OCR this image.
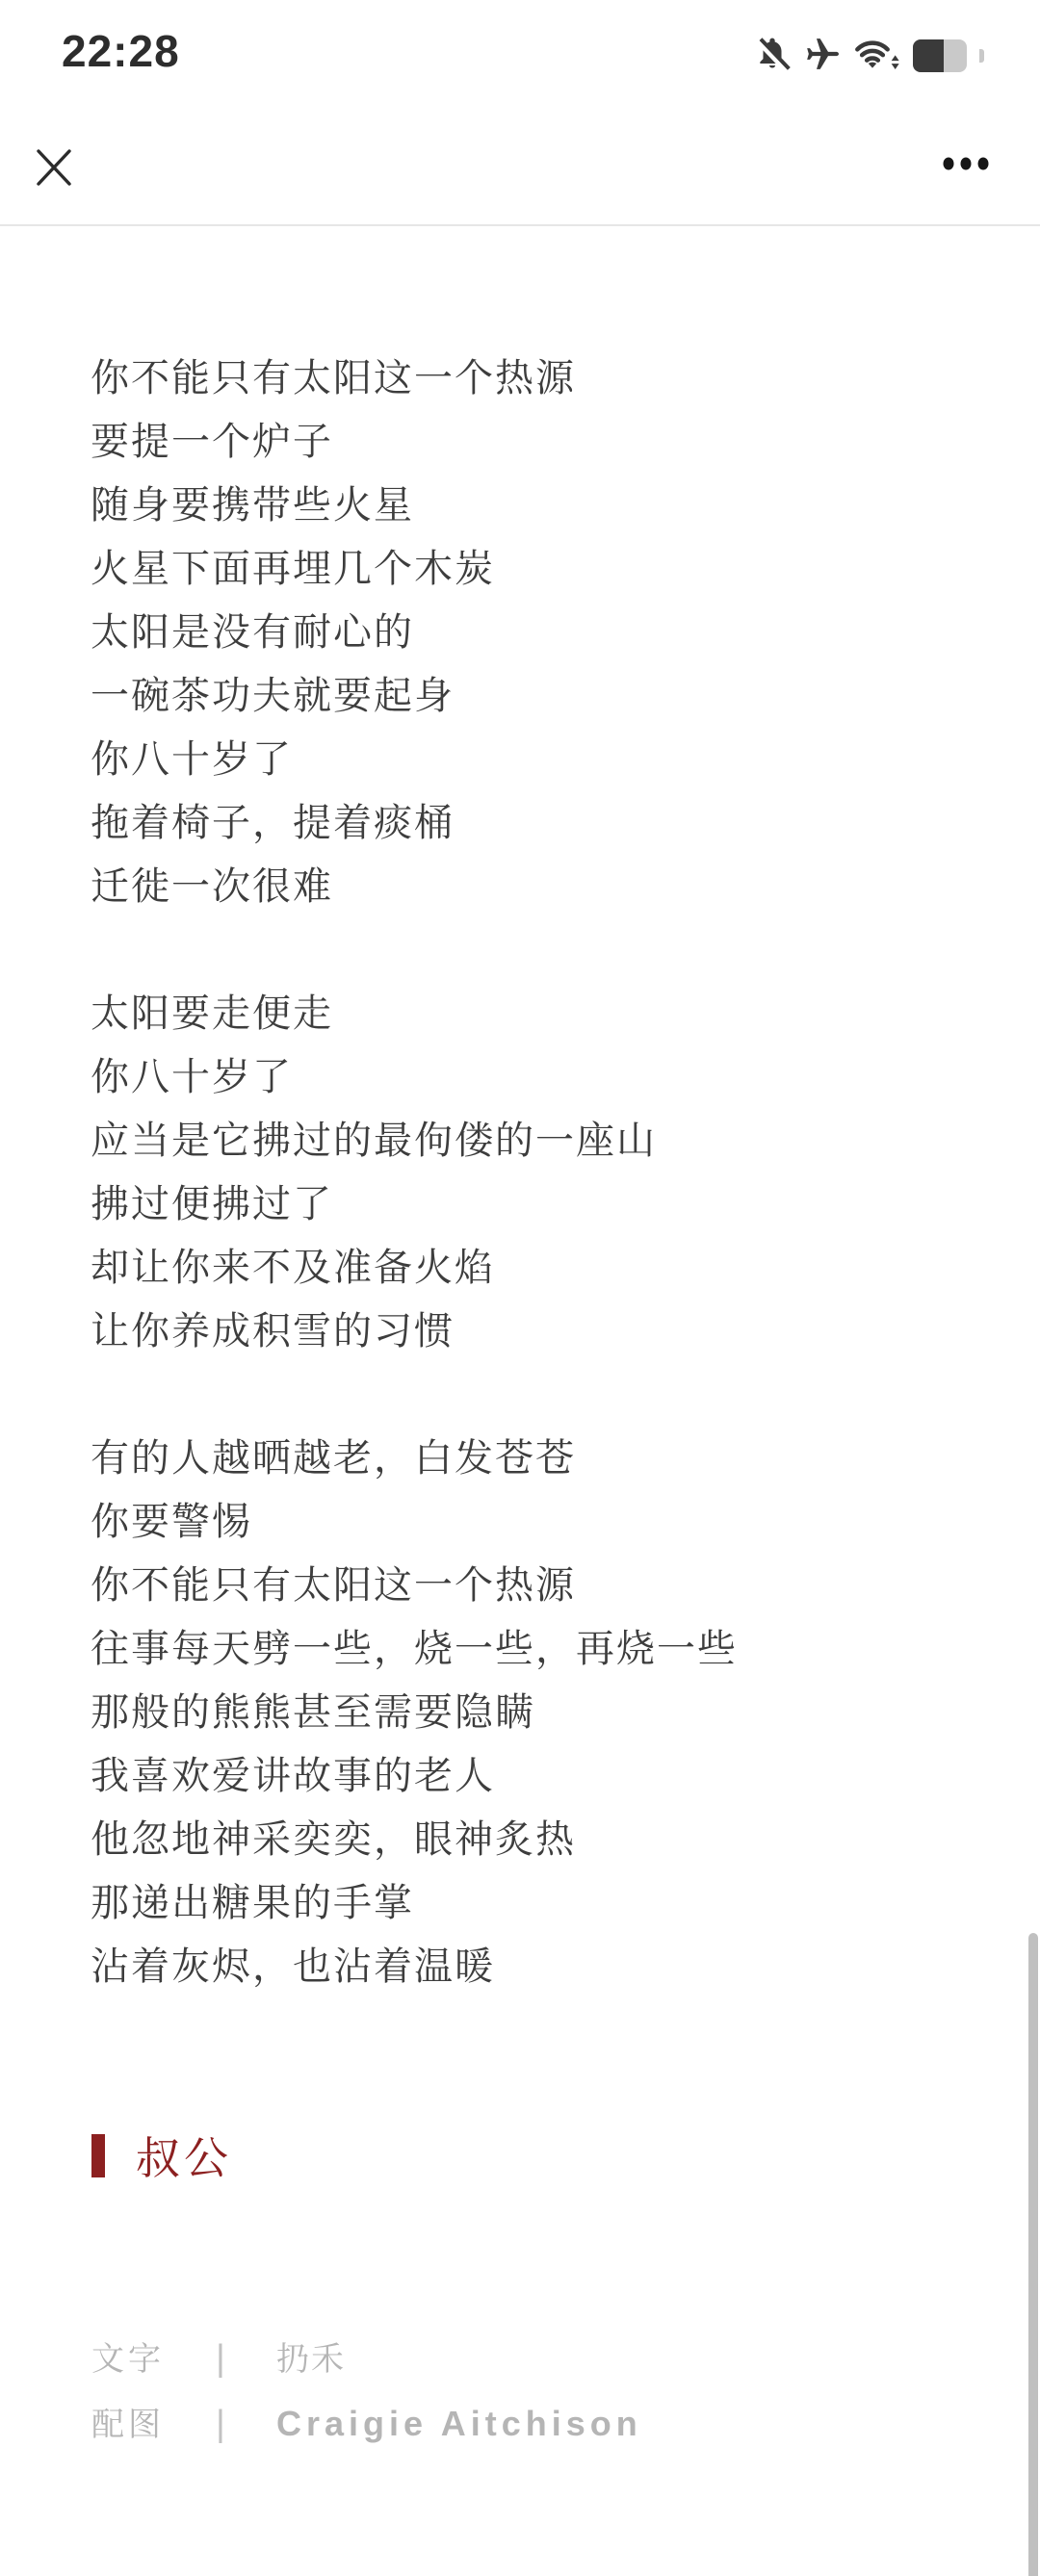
22:28
你不能只有太阳这一个热源
要提一个炉子
随身要携带些火星
火星下面再埋几个木炭
太阳是没有耐心的
一碗茶功夫就要起身
你八十岁了
拖着椅子，提着痰桶
迁徙一次很难
太阳要走便走
你八十岁了
应当是它拂过的最佝偻的一座山
拂过便拂过了
却让你来不及准备火焰
让你养成积雪的习惯
有的人越晒越老，白发苍苍
你要警惕
你不能只有太阳这一个热源
往事每天劈一些，烧一些，再烧一些
那般的熊熊甚至需要隐瞒
我喜欢爱讲故事的老人
他忽地神采奕奕，眼神炙热
那递出糖果的手掌
沾着灰烬，也沾着温暖
叔公
文字 | 扔禾
配图 | Craigie Aitchison
